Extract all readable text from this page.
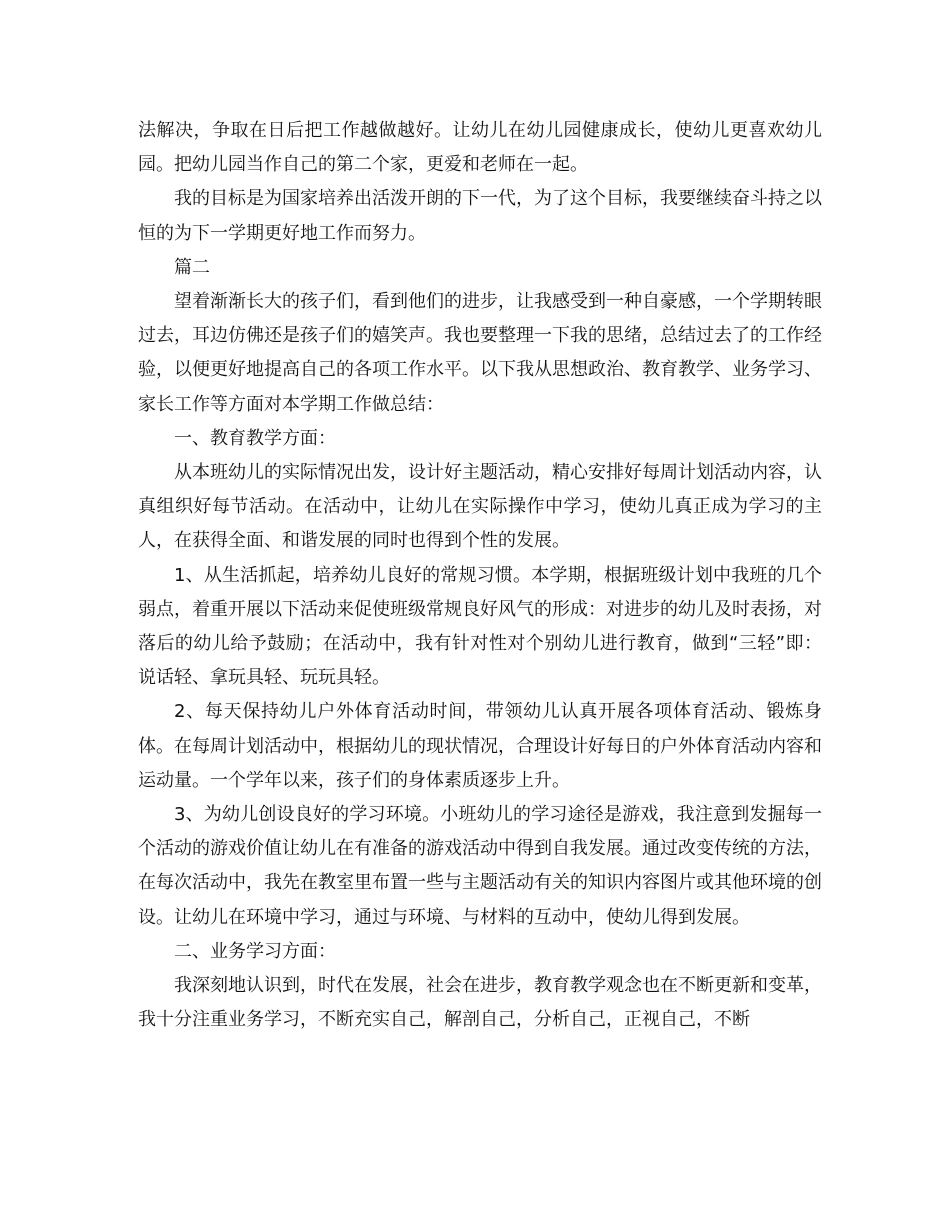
法解决，争取在日后把工作越做越好。让幼儿在幼儿园健康成长，使幼儿更喜欢幼儿园。把幼儿园当作自己的第二个家，更爱和老师在一起。

我的目标是为国家培养出活泼开朗的下一代，为了这个目标，我要继续奋斗持之以恒的为下一学期更好地工作而努力。

篇二

望着渐渐长大的孩子们，看到他们的进步，让我感受到一种自豪感，一个学期转眼过去，耳边仿佛还是孩子们的嬉笑声。我也要整理一下我的思绪，总结过去了的工作经验，以便更好地提高自己的各项工作水平。以下我从思想政治、教育教学、业务学习、家长工作等方面对本学期工作做总结：

一、教育教学方面：

从本班幼儿的实际情况出发，设计好主题活动，精心安排好每周计划活动内容，认真组织好每节活动。在活动中，让幼儿在实际操作中学习，使幼儿真正成为学习的主人，在获得全面、和谐发展的同时也得到个性的发展。

1、从生活抓起，培养幼儿良好的常规习惯。本学期，根据班级计划中我班的几个弱点，着重开展以下活动来促使班级常规良好风气的形成：对进步的幼儿及时表扬，对落后的幼儿给予鼓励；在活动中，我有针对性对个别幼儿进行教育，做到“三轻”即：说话轻、拿玩具轻、玩玩具轻。

2、每天保持幼儿户外体育活动时间，带领幼儿认真开展各项体育活动、锻炼身体。在每周计划活动中，根据幼儿的现状情况，合理设计好每日的户外体育活动内容和运动量。一个学年以来，孩子们的身体素质逐步上升。

3、为幼儿创设良好的学习环境。小班幼儿的学习途径是游戏，我注意到发掘每一个活动的游戏价值让幼儿在有准备的游戏活动中得到自我发展。通过改变传统的方法，在每次活动中，我先在教室里布置一些与主题活动有关的知识内容图片或其他环境的创设。让幼儿在环境中学习，通过与环境、与材料的互动中，使幼儿得到发展。

二、业务学习方面：

我深刻地认识到，时代在发展，社会在进步，教育教学观念也在不断更新和变革，我十分注重业务学习，不断充实自己，解剖自己，分析自己，正视自己，不断
